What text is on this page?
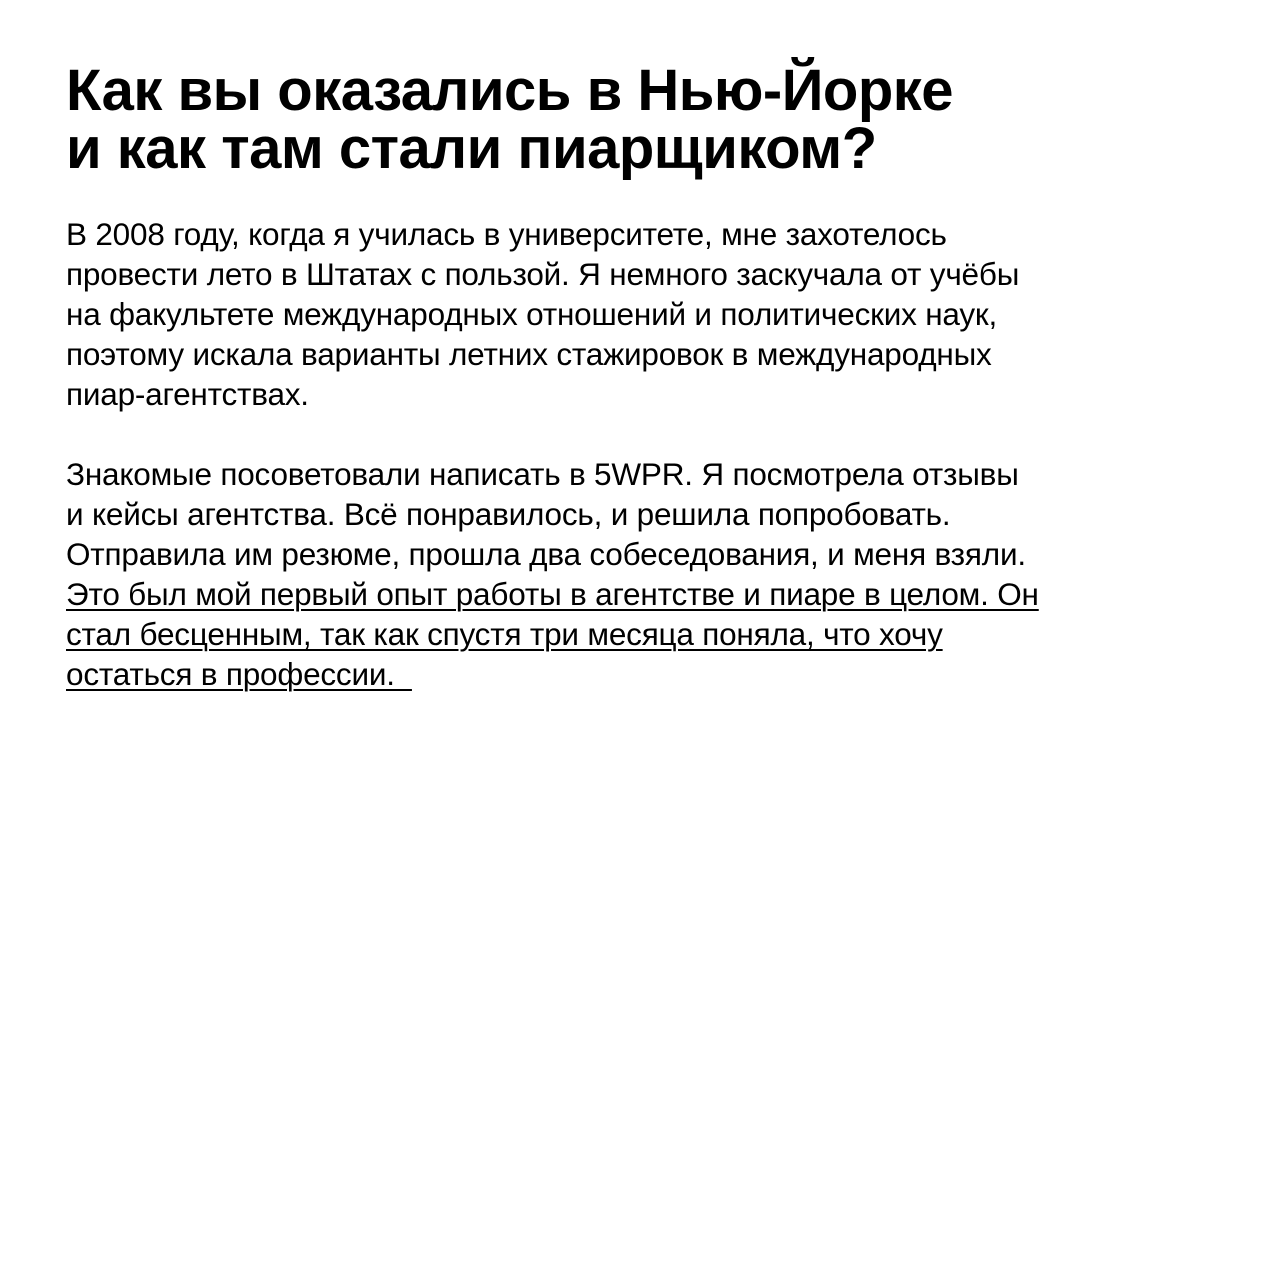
Как вы оказались в Нью-Йорке
и как там стали пиарщиком?
В 2008 году, когда я училась в университете, мне захотелось
провести лето в Штатах с пользой. Я немного заскучала от учёбы
на факультете международных отношений и политических наук,
поэтому искала варианты летних стажировок в международных
пиар-агентствах.
Знакомые посоветовали написать в 5WPR. Я посмотрела отзывы
и кейсы агентства. Всё понравилось, и решила попробовать.
Отправила им резюме, прошла два собеседования, и меня взяли.
Это был мой первый опыт работы в агентстве и пиаре в целом. Он
стал бесценным, так как спустя три месяца поняла, что хочу
остаться в профессии.
